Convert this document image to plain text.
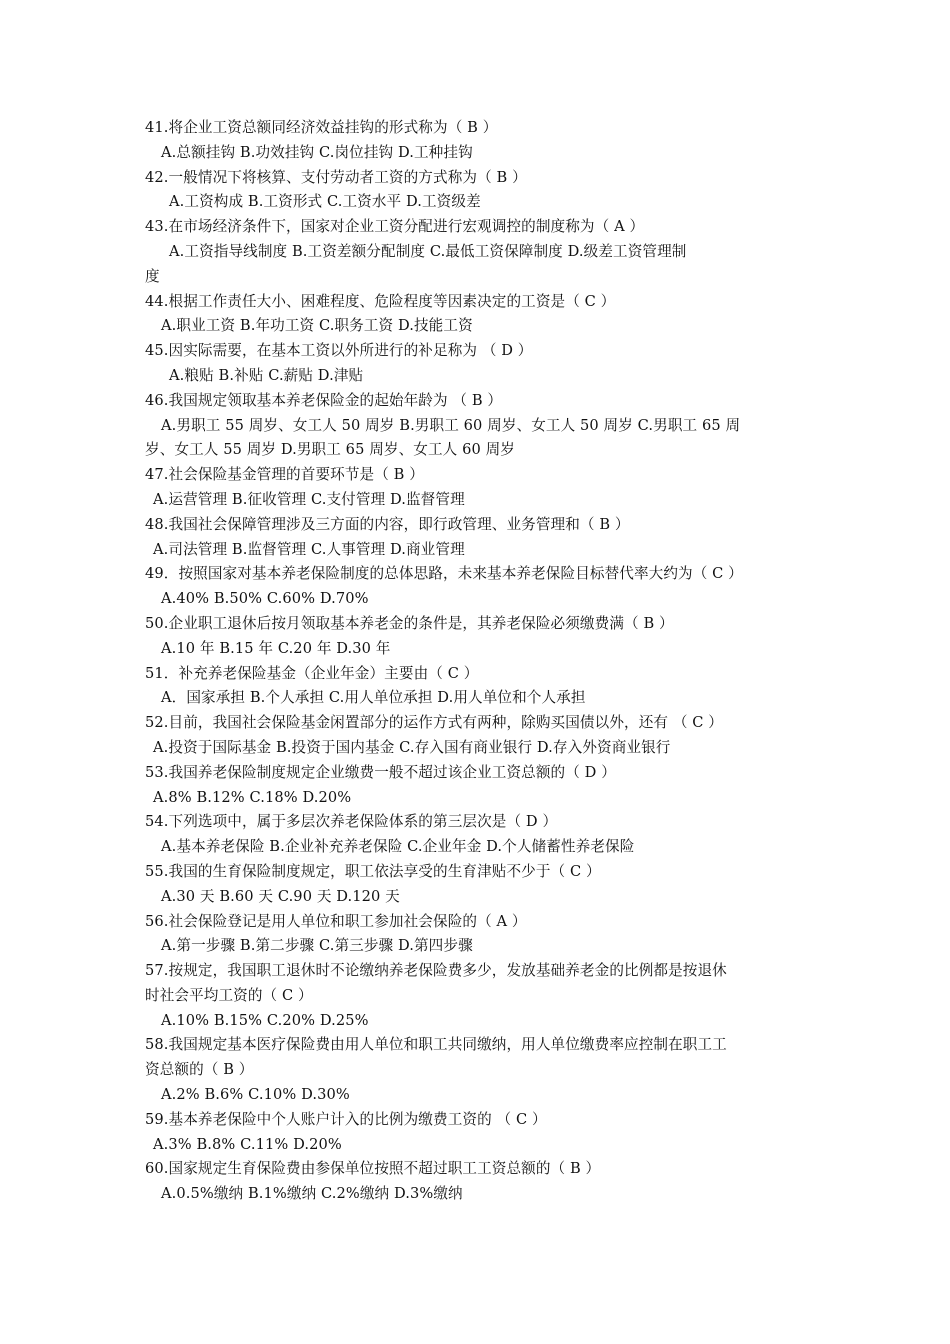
41.将企业工资总额同经济效益挂钩的形式称为（ B ）
A.总额挂钩 B.功效挂钩 C.岗位挂钩 D.工种挂钩
42.一般情况下将核算、支付劳动者工资的方式称为（ B ）
A.工资构成 B.工资形式 C.工资水平 D.工资级差
43.在市场经济条件下，国家对企业工资分配进行宏观调控的制度称为（ A ）
A.工资指导线制度 B.工资差额分配制度 C.最低工资保障制度 D.级差工资管理制
度
44.根据工作责任大小、困难程度、危险程度等因素决定的工资是（ C ）
A.职业工资 B.年功工资 C.职务工资 D.技能工资
45.因实际需要，在基本工资以外所进行的补足称为 （ D ）
A.粮贴 B.补贴 C.薪贴 D.津贴
46.我国规定领取基本养老保险金的起始年龄为 （ B ）
A.男职工 55 周岁、女工人 50 周岁 B.男职工 60 周岁、女工人 50 周岁 C.男职工 65 周
岁、女工人 55 周岁 D.男职工 65 周岁、女工人 60 周岁
47.社会保险基金管理的首要环节是（ B ）
A.运营管理 B.征收管理 C.支付管理 D.监督管理
48.我国社会保障管理涉及三方面的内容，即行政管理、业务管理和（ B ）
A.司法管理 B.监督管理 C.人事管理 D.商业管理
49．按照国家对基本养老保险制度的总体思路，未来基本养老保险目标替代率大约为（ C ）
A.40% B.50% C.60% D.70%
50.企业职工退休后按月领取基本养老金的条件是，其养老保险必须缴费满（ B ）
A.10 年 B.15 年 C.20 年 D.30 年
51．补充养老保险基金（企业年金）主要由（ C ）
A．国家承担 B.个人承担 C.用人单位承担 D.用人单位和个人承担
52.目前，我国社会保险基金闲置部分的运作方式有两种，除购买国债以外，还有 （ C ）
A.投资于国际基金 B.投资于国内基金 C.存入国有商业银行 D.存入外资商业银行
53.我国养老保险制度规定企业缴费一般不超过该企业工资总额的（ D ）
A.8% B.12% C.18% D.20%
54.下列选项中，属于多层次养老保险体系的第三层次是（ D ）
A.基本养老保险 B.企业补充养老保险 C.企业年金 D.个人储蓄性养老保险
55.我国的生育保险制度规定，职工依法享受的生育津贴不少于（ C ）
A.30 天 B.60 天 C.90 天 D.120 天
56.社会保险登记是用人单位和职工参加社会保险的（ A ）
A.第一步骤 B.第二步骤 C.第三步骤 D.第四步骤
57.按规定，我国职工退休时不论缴纳养老保险费多少，发放基础养老金的比例都是按退休
时社会平均工资的（ C ）
A.10% B.15% C.20% D.25%
58.我国规定基本医疗保险费由用人单位和职工共同缴纳，用人单位缴费率应控制在职工工
资总额的（ B ）
A.2% B.6% C.10% D.30%
59.基本养老保险中个人账户计入的比例为缴费工资的 （ C ）
A.3% B.8% C.11% D.20%
60.国家规定生育保险费由参保单位按照不超过职工工资总额的（ B ）
A.0.5%缴纳 B.1%缴纳 C.2%缴纳 D.3%缴纳
